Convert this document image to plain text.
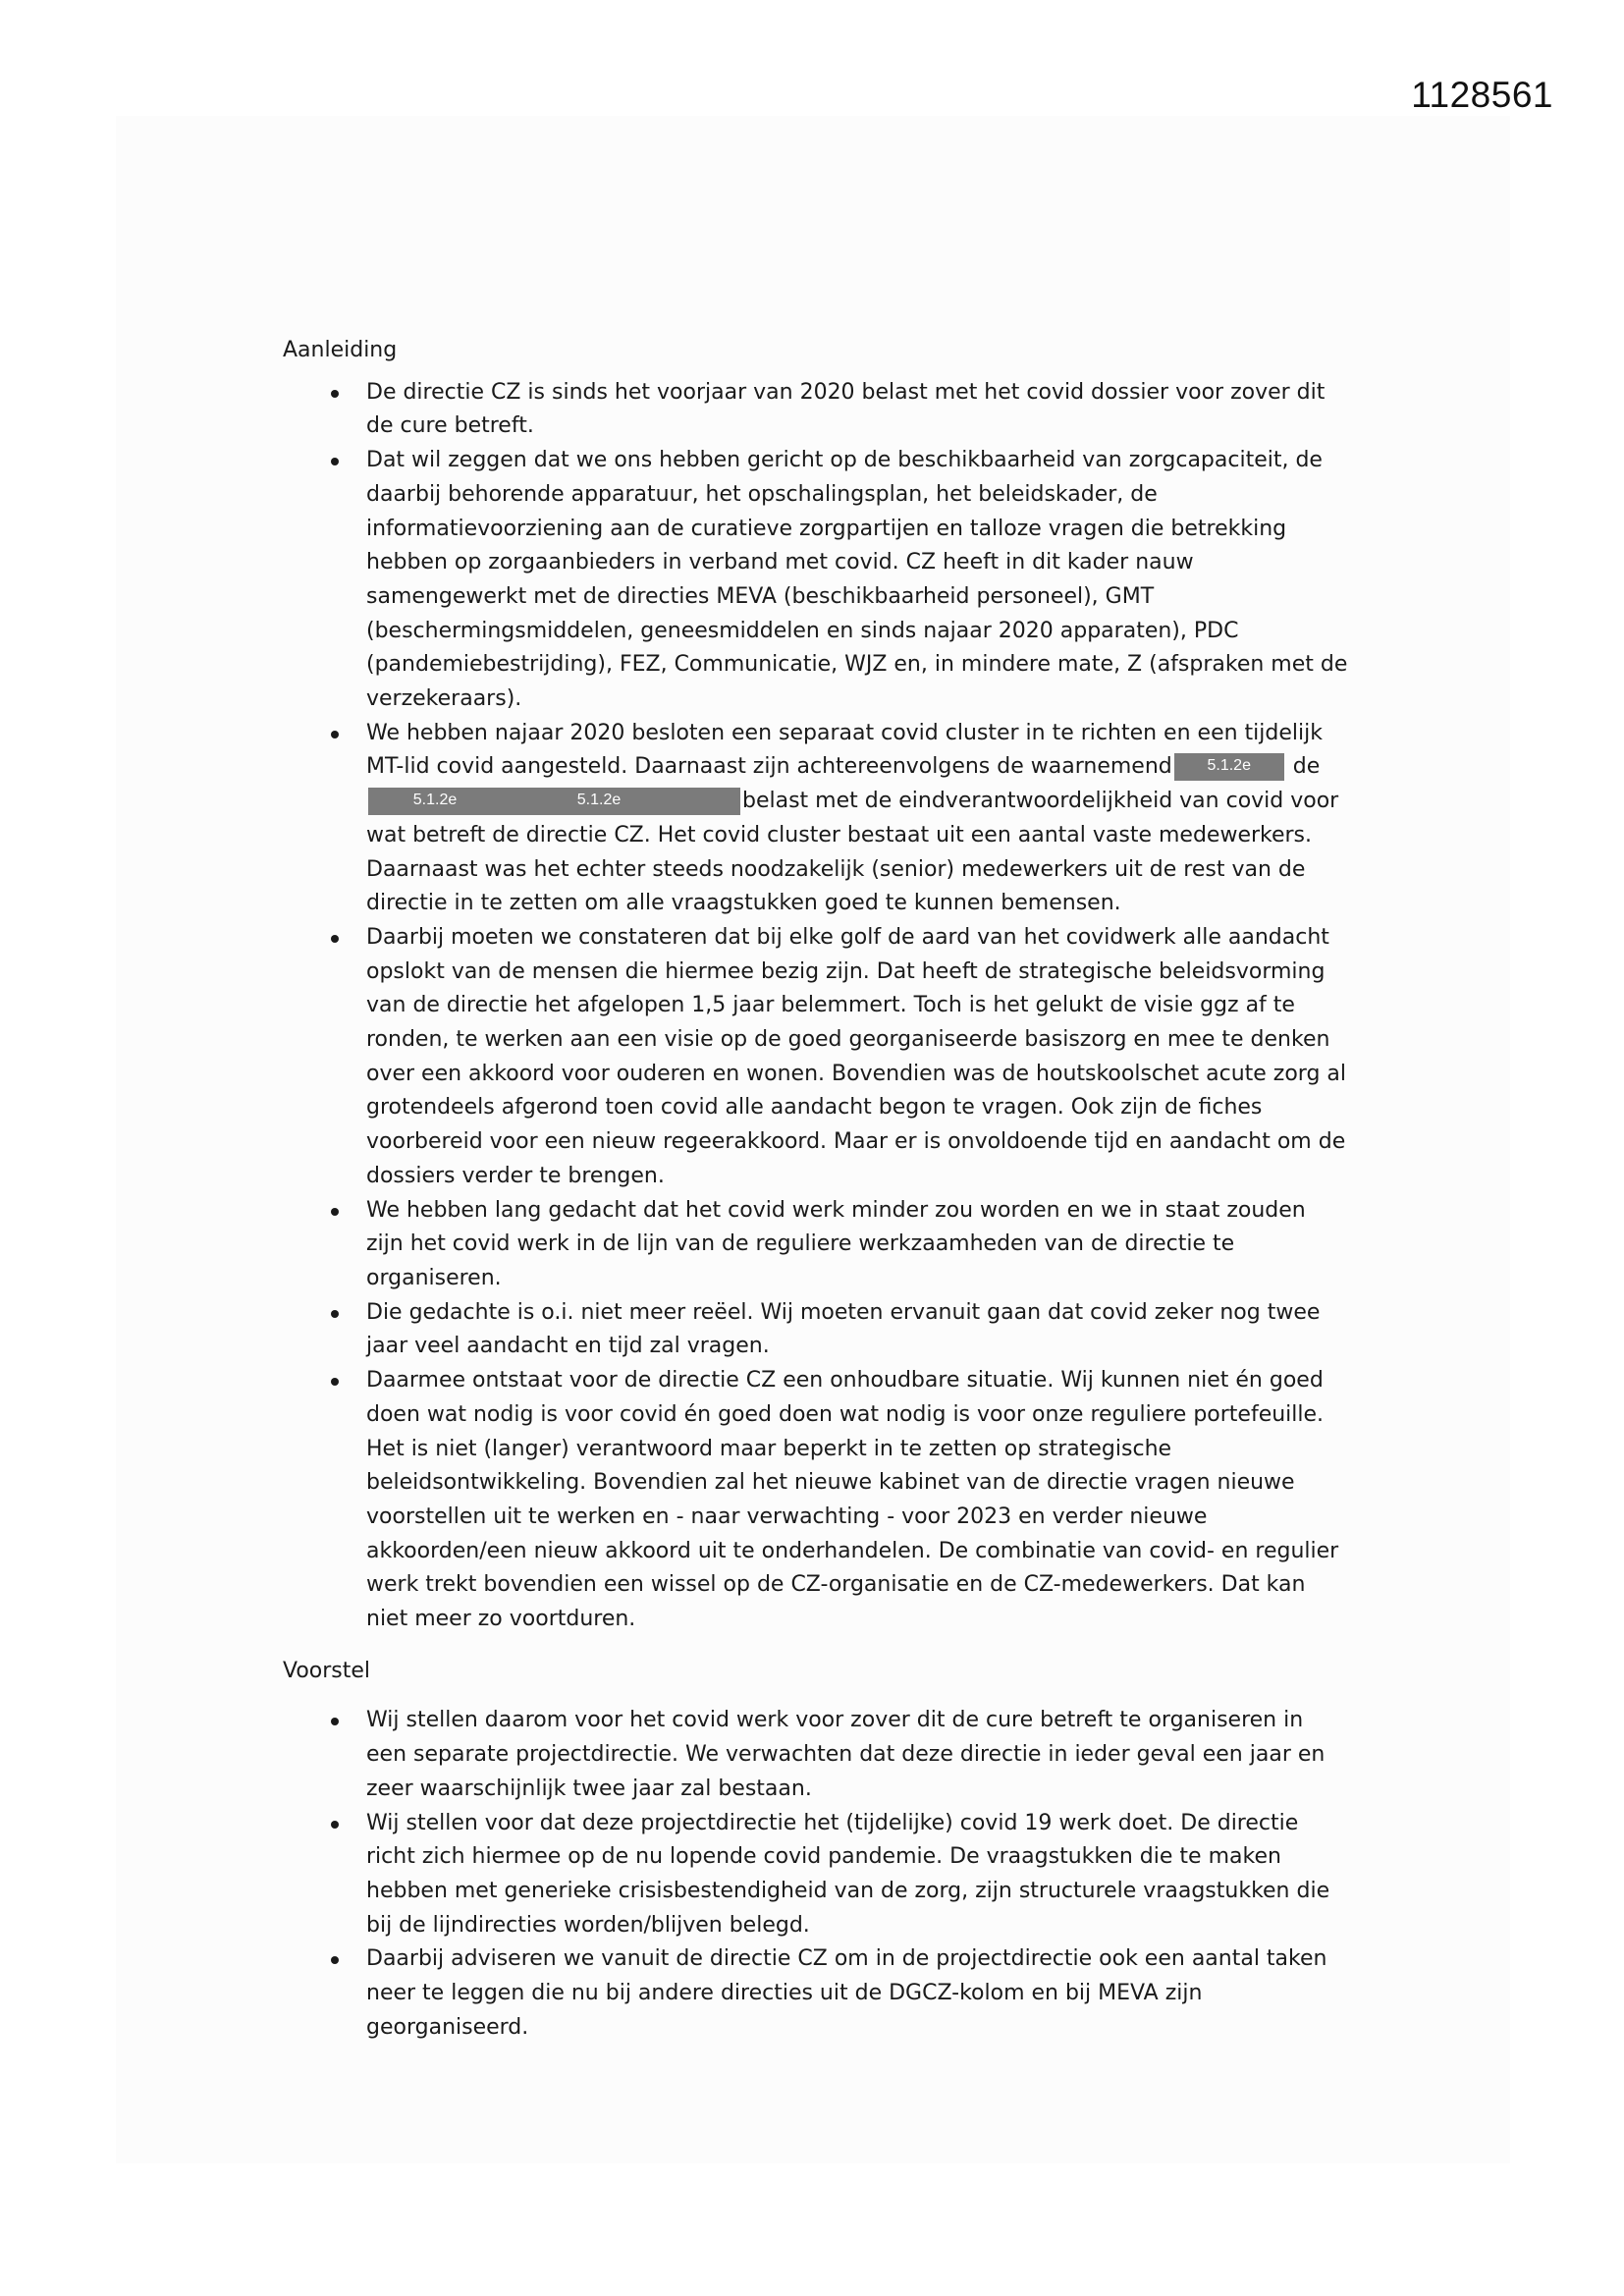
1128561
Aanleiding
De directie CZ is sinds het voorjaar van 2020 belast met het covid dossier voor zover dit de cure betreft.
Dat wil zeggen dat we ons hebben gericht op de beschikbaarheid van zorgcapaciteit, de daarbij behorende apparatuur, het opschalingsplan, het beleidskader, de informatievoorziening aan de curatieve zorgpartijen en talloze vragen die betrekking hebben op zorgaanbieders in verband met covid. CZ heeft in dit kader nauw samengewerkt met de directies MEVA (beschikbaarheid personeel), GMT (beschermingsmiddelen, geneesmiddelen en sinds najaar 2020 apparaten), PDC (pandemiebestrijding), FEZ, Communicatie, WJZ en, in mindere mate, Z (afspraken met de verzekeraars).
We hebben najaar 2020 besloten een separaat covid cluster in te richten en een tijdelijk MT-lid covid aangesteld. Daarnaast zijn achtereenvolgens de waarnemend 5.1.2e de5.1.2e	5.1.2e	belast met de eindverantwoordelijkheid van covid voor wat betreft de directie CZ. Het covid cluster bestaat uit een aantal vaste medewerkers. Daarnaast was het echter steeds noodzakelijk (senior) medewerkers uit de rest van de directie in te zetten om alle vraagstukken goed te kunnen bemensen.
Daarbij moeten we constateren dat bij elke golf de aard van het covidwerk alle aandacht opslokt van de mensen die hiermee bezig zijn. Dat heeft de strategische beleidsvorming van de directie het afgelopen 1,5 jaar belemmert. Toch is het gelukt de visie ggz af te ronden, te werken aan een visie op de goed georganiseerde basiszorg en mee te denken over een akkoord voor ouderen en wonen. Bovendien was de houtskoolschet acute zorg al grotendeels afgerond toen covid alle aandacht begon te vragen. Ook zijn de fiches voorbereid voor een nieuw regeerakkoord. Maar er is onvoldoende tijd en aandacht om de dossiers verder te brengen.
We hebben lang gedacht dat het covid werk minder zou worden en we in staat zouden zijn het covid werk in de lijn van de reguliere werkzaamheden van de directie te organiseren.
Die gedachte is o.i. niet meer reëel. Wij moeten ervanuit gaan dat covid zeker nog twee jaar veel aandacht en tijd zal vragen.
Daarmee ontstaat voor de directie CZ een onhoudbare situatie. Wij kunnen niet én goed doen wat nodig is voor covid én goed doen wat nodig is voor onze reguliere portefeuille. Het is niet (langer) verantwoord maar beperkt in te zetten op strategische beleidsontwikkeling. Bovendien zal het nieuwe kabinet van de directie vragen nieuwe voorstellen uit te werken en - naar verwachting - voor 2023 en verder nieuwe akkoorden/een nieuw akkoord uit te onderhandelen. De combinatie van covid- en regulier werk trekt bovendien een wissel op de CZ-organisatie en de CZ-medewerkers. Dat kan niet meer zo voortduren.
Voorstel
Wij stellen daarom voor het covid werk voor zover dit de cure betreft te organiseren in een separate projectdirectie. We verwachten dat deze directie in ieder geval een jaar en zeer waarschijnlijk twee jaar zal bestaan.
Wij stellen voor dat deze projectdirectie het (tijdelijke) covid 19 werk doet. De directie richt zich hiermee op de nu lopende covid pandemie. De vraagstukken die te maken hebben met generieke crisisbestendigheid van de zorg, zijn structurele vraagstukken die bij de lijndirecties worden/blijven belegd.
Daarbij adviseren we vanuit de directie CZ om in de projectdirectie ook een aantal taken neer te leggen die nu bij andere directies uit de DGCZ-kolom en bij MEVA zijn georganiseerd.
